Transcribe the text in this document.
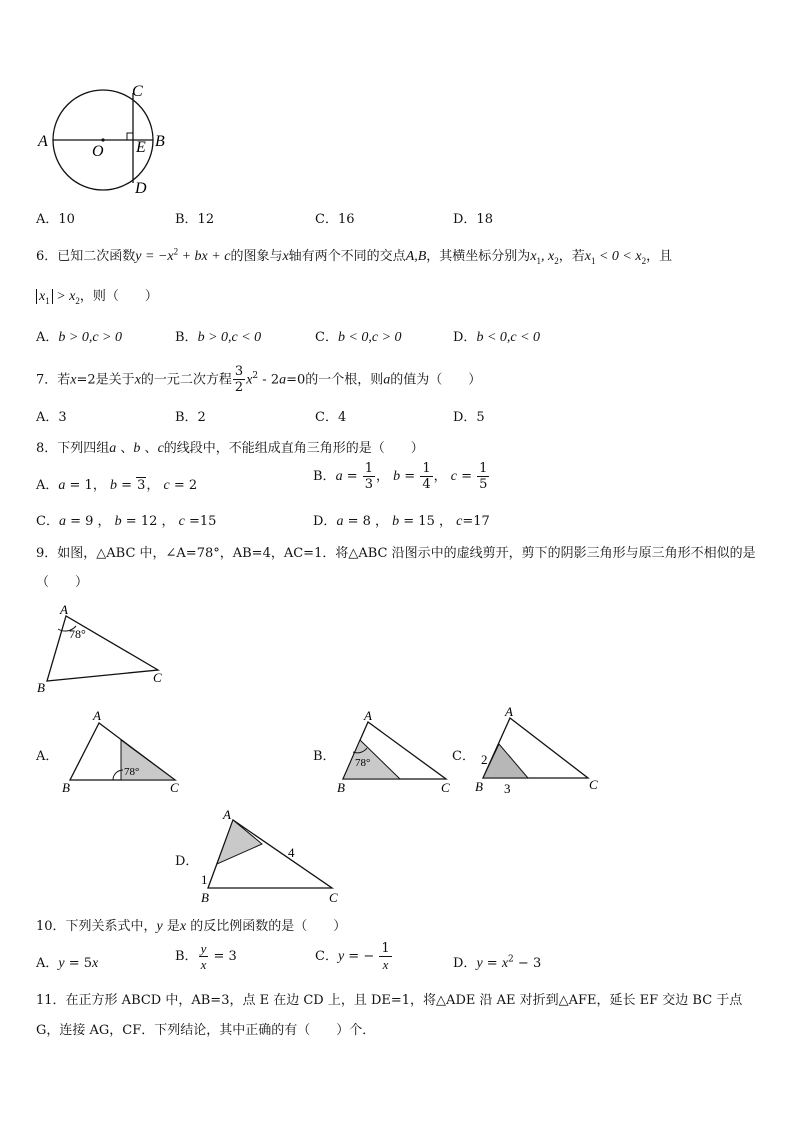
C
A
O E B
D
A．10	B．12	C．16	D．18
6．已知二次函数$y = -x^2$ + bx + c的图象与x轴有两个不同的交点A,B，其横坐标分别为$x_1$, $x_2$，若$x_1 < 0 < x_2$，且
$x_1 > x_2$，则（　　）
A．b > 0,c > 0	B．b > 0,c < 0	C．b < 0,c > 0	D．b < 0,c < 0
7．若x=2是关于x的一元二次方程 $\frac{3}{2} x^2 - 2a=0$的一个根，则a的值为（　　）
A．3	B．2	C．4	D．5
8．下列四组a 、b 、c的线段中，不能组成直角三角形的是（　　）
A．a = 1， b = 3， c = 2
B．$a = \frac{1}{3}$ ， $b = \frac{1}{4}$ ， $c = \frac{1}{5}$
C．a = 9 ， b = 12 ， c =15	D．a = 8 ， b = 15 ， c=17
9．如图，△ABC 中，∠A=78°，AB=4，AC=1．将△ABC 沿图示中的虚线剪开，剪下的阴影三角形与原三角形不相似的是
（　　）
A
78°
B
C
A．
A
78°
B	C
B．
A
78°
B	C
C．
A
2
B 3	C
D．
A
4
1
B	C
10．下列关系式中，y 是x 的反比例函数的是（　　）
A．y = 5x	B． $\frac{y}{x} = 3$	C．y = − $\frac{1}{x}$	D．$y = x^2 - 3$
11．在正方形 ABCD 中，AB=3，点 E 在边 CD 上，且 DE=1，将△ADE 沿 AE 对折到△AFE，延长 EF 交边 BC 于点
G，连接 AG，CF．下列结论，其中正确的有（　　）个．
